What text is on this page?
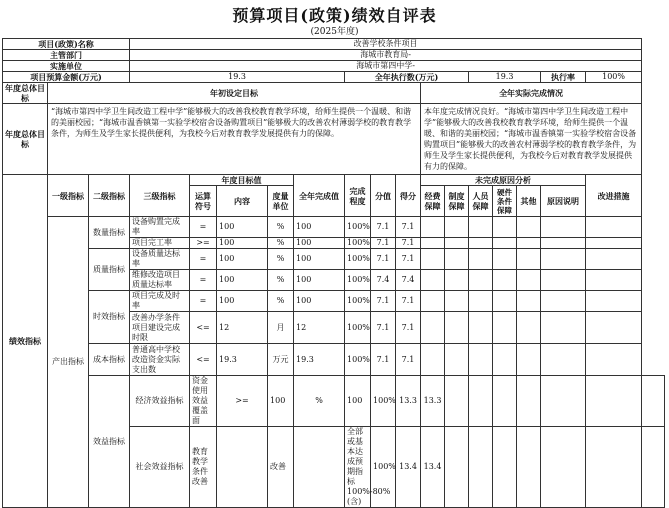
预算项目(政策)绩效自评表
(2025年度)
项目(政策)名称			改善学校条件项目															
主管部门			海城市教育局-															
实施单位			海城市第四中学-															
项目预算金额(万元)			19.3					全年执行数(万元)					19.3			执行率	100%	
年度总体目标	年初设定目标										全年实际完成情况							
年度总体目标	“海城市第四中学卫生间改造工程中学”能够极大的改善我校教育教学环境，给师生提供一个温暖、和谐的美丽校园；“海城市温香镇第一实验学校宿舍设备购置项目”能够极大的改善农村薄弱学校的教育教学条件，为师生及学生家长提供便利，为我校今后对教育教学发展提供有力的保障。										本年度完成情况良好。“海城市第四中学卫生间改造工程中学”能够极大的改善我校教育教学环境，给师生提供一个温暖、和谐的美丽校园；“海城市温香镇第一实验学校宿舍设备购置项目”能够极大的改善农村薄弱学校的教育教学条件，为师生及学生家长提供便利，为我校今后对教育教学发展提供有力的保障。							
绩效指标	一级指标	二级指标	三级指标	年度目标值			全年完成值	完成程度	分值	得分	未完成原因分析						改进措施	
				运算符号	内容	度量单位					经费保障	制度保障	人员保障	硬件条件保障	其他	原因说明		

	产出指标	数量指标	设备购置完成率	=	100	%	100	100%	7.1	7.1								
			项目完工率	>=	100	%	100	100%	7.1	7.1								
		质量指标	设备质量达标率	=	100	%	100	100%	7.1	7.1								
			维修改造项目质量达标率	=	100	%	100	100%	7.4	7.4								
		时效指标	项目完成及时率	=	100	%	100	100%	7.1	7.1								
			改善办学条件项目建设完成时限	<=	12	月	12	100%	7.1	7.1								
		成本指标	普通高中学校改造资金实际支出数	<=	19.3	万元	19.3	100%	7.1	7.1								
		效益指标	经济效益指标	资金使用效益覆盖面	>=	100	%	100	100%	13.3	13.3							
			社会效益指标	教育教学条件改善		改善		全部或基本达成预期指标100%-80%(含)	100%	13.4	13.4							
